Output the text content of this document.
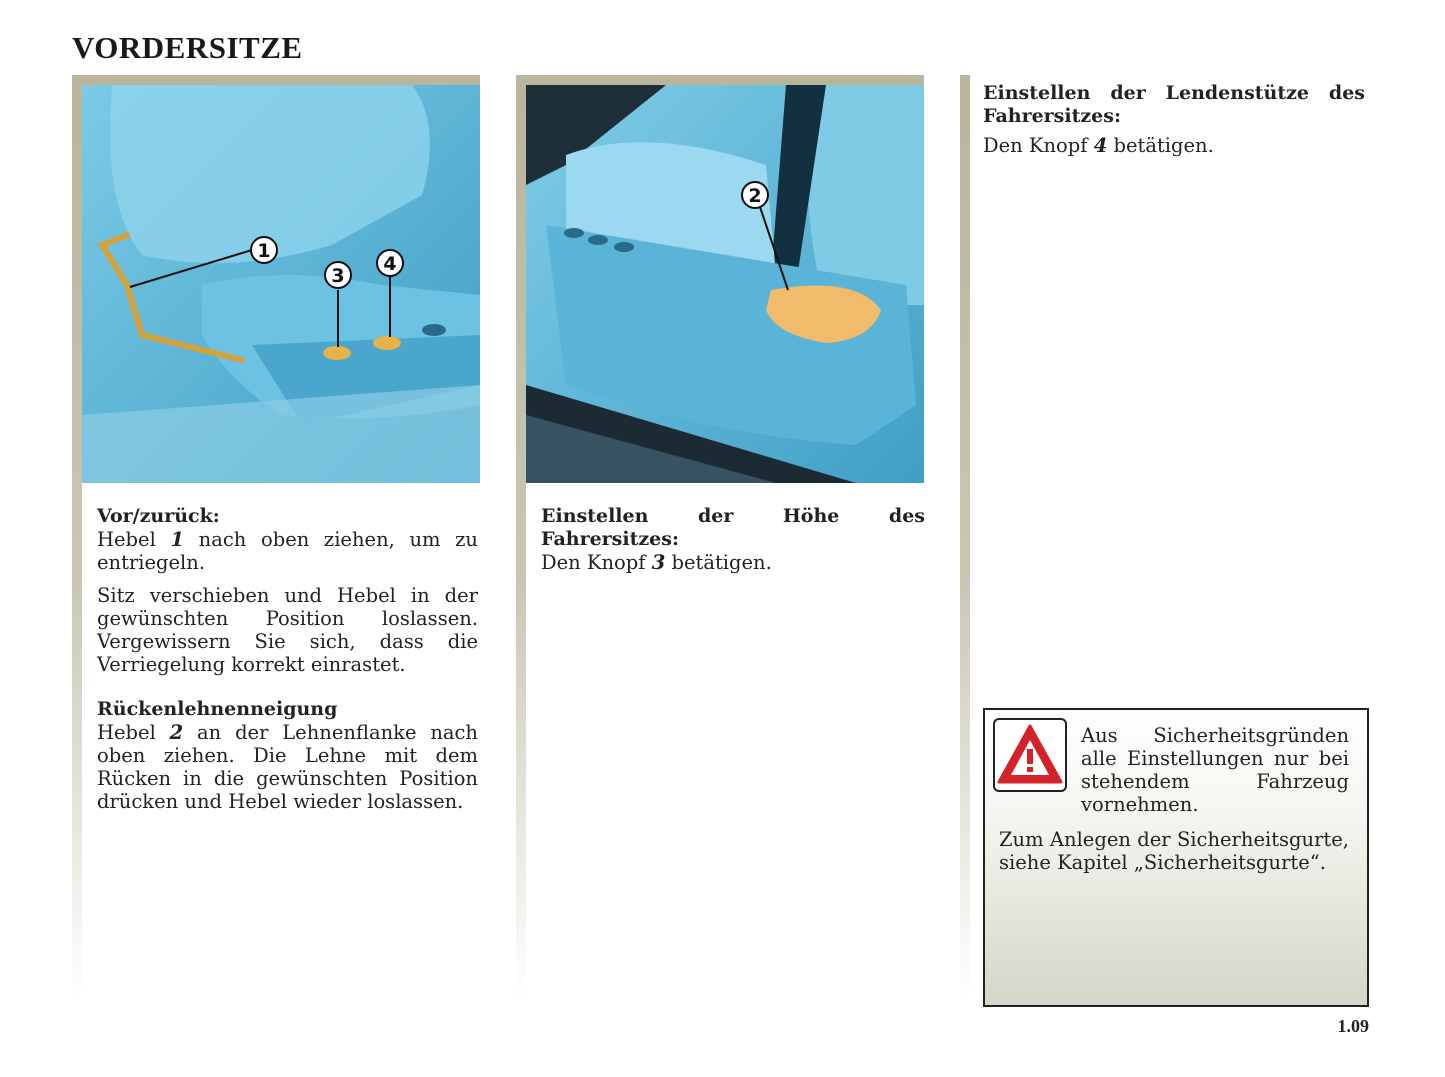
VORDERSITZE
1
3
4
2
Vor/zurück:

Hebel 1 nach oben ziehen, um zu entriegeln.

Sitz verschieben und Hebel in der gewünschten Position loslassen. Vergewissern Sie sich, dass die Verriegelung korrekt einrastet.

Rückenlehnenneigung

Hebel 2 an der Lehnenflanke nach oben ziehen. Die Lehne mit dem Rücken in die gewünschten Position drücken und Hebel wieder loslassen.

Einstellen der Höhe des Fahrersitzes:

Den Knopf 3 betätigen.

Einstellen der Lendenstütze des Fahrersitzes:

Den Knopf 4 betätigen.

Aus Sicherheitsgründen alle Einstellungen nur bei stehendem Fahrzeug vornehmen.
Zum Anlegen der Sicherheitsgurte, siehe Kapitel „Sicherheitsgurte“.
1.09
